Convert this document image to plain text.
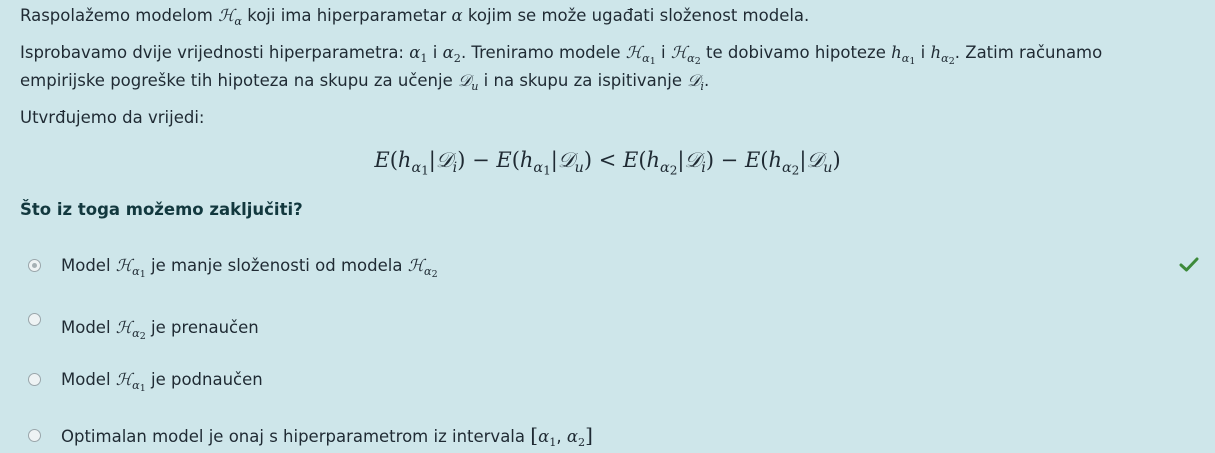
Raspolažemo modelom ℋ$_\alpha$ koji ima hiperparametar α kojim se može ugađati složenost modela.

Isprobavamo dvije vrijednosti hiperparametra: $\alpha_1$ i $\alpha_2$. Treniramo modele ℋ$_{\alpha_1}$ i ℋ$_{\alpha_2}$ te dobivamo hipoteze $h_{\alpha_1}$ i $h_{\alpha_2}$. Zatim računamo
empirijske pogreške tih hipoteza na skupu za učenje 𝒟$_u$ i na skupu za ispitivanje 𝒟$_i$.

Utvrđujemo da vrijedi:

$E(h_{\alpha_1}|𝒟_i)$ − $E(h_{\alpha_1}|𝒟_u)$ < $E(h_{\alpha_2}|𝒟_i)$ − $E(h_{\alpha_2}|𝒟_u)$
Što iz toga možemo zaključiti?
Model ℋ$_{\alpha_1}$ je manje složenosti od modela ℋ$_{\alpha_2}$
Model ℋ$_{\alpha_2}$ je prenaučen
Model ℋ$_{\alpha_1}$ je podnaučen
Optimalan model je onaj s hiperparametrom iz intervala [$\alpha_1$, $\alpha_2$]
